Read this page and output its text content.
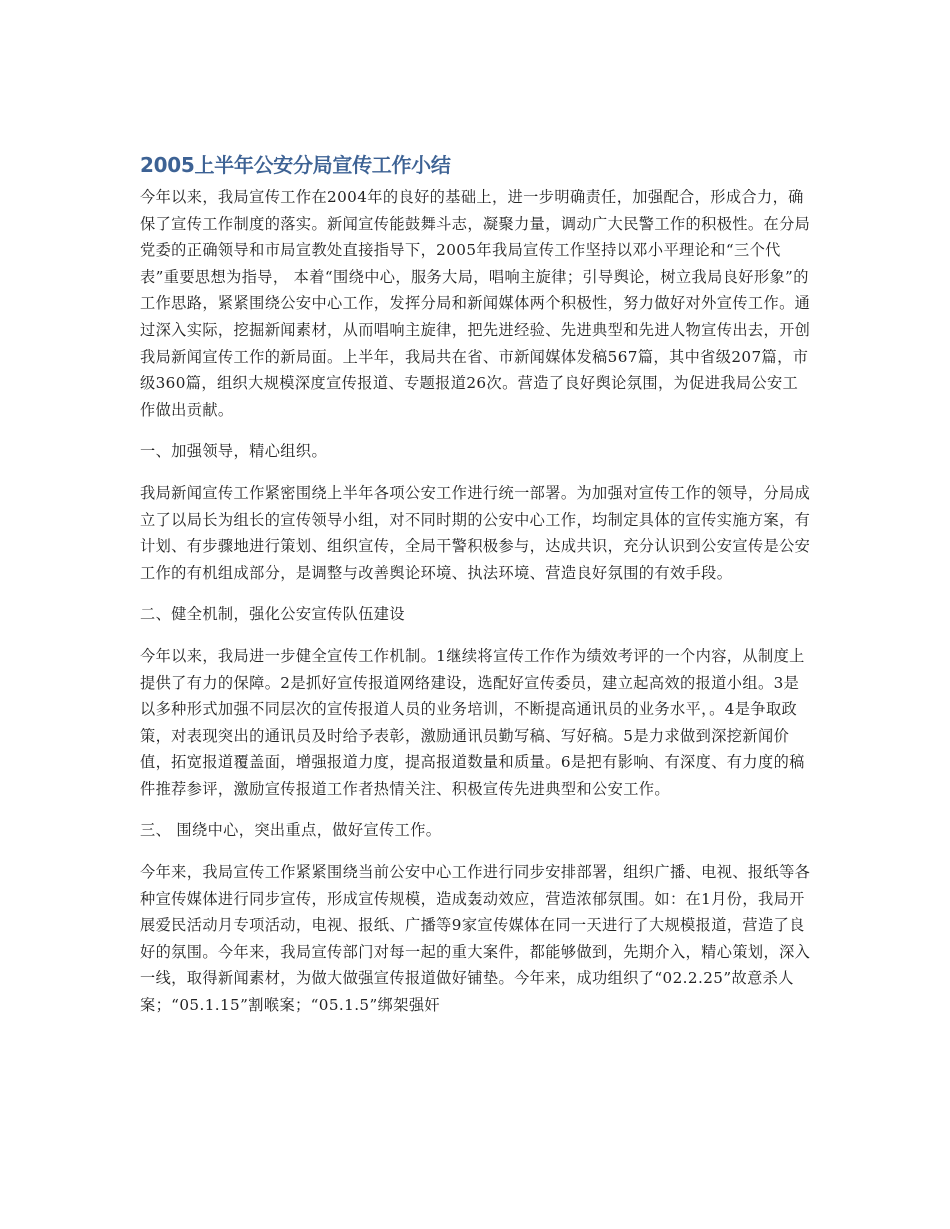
2005上半年公安分局宣传工作小结

今年以来，我局宣传工作在2004年的良好的基础上，进一步明确责任，加强配合，形成合力，确保了宣传工作制度的落实。新闻宣传能鼓舞斗志，凝聚力量，调动广大民警工作的积极性。在分局党委的正确领导和市局宣教处直接指导下，2005年我局宣传工作坚持以邓小平理论和“三个代表”重要思想为指导， 本着“围绕中心，服务大局，唱响主旋律；引导舆论，树立我局良好形象”的工作思路，紧紧围绕公安中心工作，发挥分局和新闻媒体两个积极性，努力做好对外宣传工作。通过深入实际，挖掘新闻素材，从而唱响主旋律，把先进经验、先进典型和先进人物宣传出去，开创我局新闻宣传工作的新局面。上半年，我局共在省、市新闻媒体发稿567篇，其中省级207篇，市级360篇，组织大规模深度宣传报道、专题报道26次。营造了良好舆论氛围，为促进我局公安工作做出贡献。

一、加强领导，精心组织。

我局新闻宣传工作紧密围绕上半年各项公安工作进行统一部署。为加强对宣传工作的领导，分局成立了以局长为组长的宣传领导小组，对不同时期的公安中心工作，均制定具体的宣传实施方案，有计划、有步骤地进行策划、组织宣传，全局干警积极参与，达成共识，充分认识到公安宣传是公安工作的有机组成部分，是调整与改善舆论环境、执法环境、营造良好氛围的有效手段。

二、健全机制，强化公安宣传队伍建设

今年以来，我局进一步健全宣传工作机制。1继续将宣传工作作为绩效考评的一个内容，从制度上提供了有力的保障。2是抓好宣传报道网络建设，选配好宣传委员，建立起高效的报道小组。3是以多种形式加强不同层次的宣传报道人员的业务培训，不断提高通讯员的业务水平，。4是争取政策，对表现突出的通讯员及时给予表彰，激励通讯员勤写稿、写好稿。5是力求做到深挖新闻价值，拓宽报道覆盖面，增强报道力度，提高报道数量和质量。6是把有影响、有深度、有力度的稿件推荐参评，激励宣传报道工作者热情关注、积极宣传先进典型和公安工作。

三、 围绕中心，突出重点，做好宣传工作。

今年来，我局宣传工作紧紧围绕当前公安中心工作进行同步安排部署，组织广播、电视、报纸等各种宣传媒体进行同步宣传，形成宣传规模，造成轰动效应，营造浓郁氛围。如：在1月份，我局开展爱民活动月专项活动，电视、报纸、广播等9家宣传媒体在同一天进行了大规模报道，营造了良好的氛围。今年来，我局宣传部门对每一起的重大案件，都能够做到，先期介入，精心策划，深入一线，取得新闻素材，为做大做强宣传报道做好铺垫。今年来，成功组织了“02.2.25”故意杀人案；“05.1.15”割喉案；“05.1.5”绑架强奸
